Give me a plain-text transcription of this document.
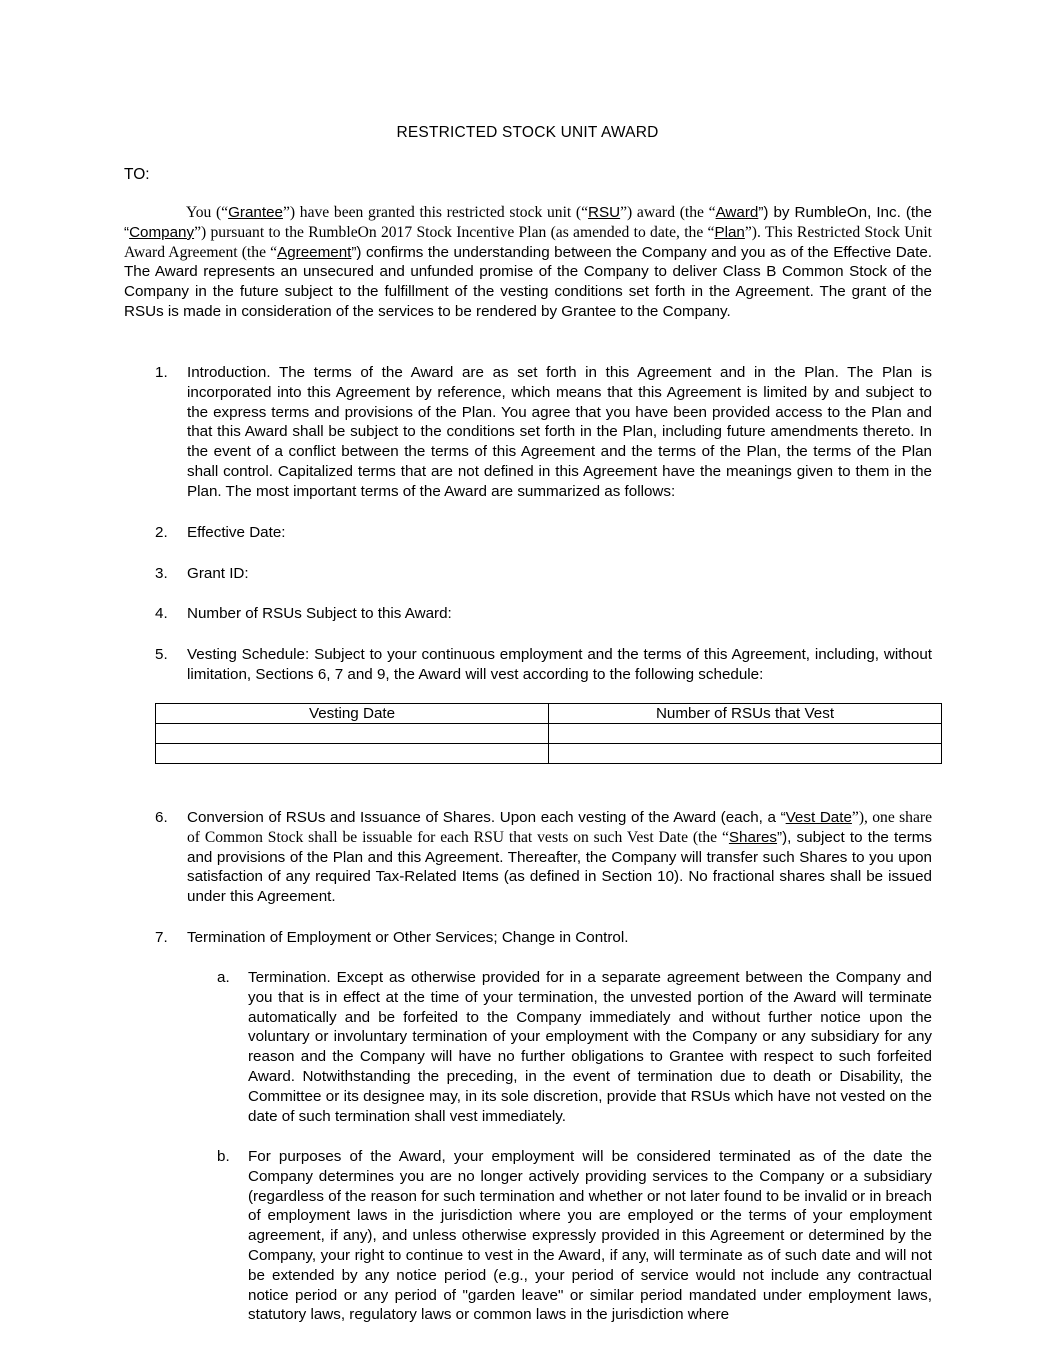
RESTRICTED STOCK UNIT AWARD
TO:

You (“Grantee”) have been granted this restricted stock unit (“RSU”) award (the “Award”) by RumbleOn, Inc. (the “Company”) pursuant to the RumbleOn 2017 Stock Incentive Plan (as amended to date, the “Plan”). This Restricted Stock Unit Award Agreement (the “Agreement”) confirms the understanding between the Company and you as of the Effective Date. The Award represents an unsecured and unfunded promise of the Company to deliver Class B Common Stock of the Company in the future subject to the fulfillment of the vesting conditions set forth in the Agreement. The grant of the RSUs is made in consideration of the services to be rendered by Grantee to the Company.

1. Introduction. The terms of the Award are as set forth in this Agreement and in the Plan. The Plan is incorporated into this Agreement by reference, which means that this Agreement is limited by and subject to the express terms and provisions of the Plan. You agree that you have been provided access to the Plan and that this Award shall be subject to the conditions set forth in the Plan, including future amendments thereto. In the event of a conflict between the terms of this Agreement and the terms of the Plan, the terms of the Plan shall control. Capitalized terms that are not defined in this Agreement have the meanings given to them in the Plan. The most important terms of the Award are summarized as follows:
2. Effective Date:
3. Grant ID:
4. Number of RSUs Subject to this Award:
5. Vesting Schedule: Subject to your continuous employment and the terms of this Agreement, including, without limitation, Sections 6, 7 and 9, the Award will vest according to the following schedule:
Vesting Date	Number of RSUs that Vest

6. Conversion of RSUs and Issuance of Shares. Upon each vesting of the Award (each, a “Vest Date”), one share of Common Stock shall be issuable for each RSU that vests on such Vest Date (the “Shares”), subject to the terms and provisions of the Plan and this Agreement. Thereafter, the Company will transfer such Shares to you upon satisfaction of any required Tax-Related Items (as defined in Section 10). No fractional shares shall be issued under this Agreement.
7. Termination of Employment or Other Services; Change in Control.
a. Termination. Except as otherwise provided for in a separate agreement between the Company and you that is in effect at the time of your termination, the unvested portion of the Award will terminate automatically and be forfeited to the Company immediately and without further notice upon the voluntary or involuntary termination of your employment with the Company or any subsidiary for any reason and the Company will have no further obligations to Grantee with respect to such forfeited Award. Notwithstanding the preceding, in the event of termination due to death or Disability, the Committee or its designee may, in its sole discretion, provide that RSUs which have not vested on the date of such termination shall vest immediately.
b. For purposes of the Award, your employment will be considered terminated as of the date the Company determines you are no longer actively providing services to the Company or a subsidiary (regardless of the reason for such termination and whether or not later found to be invalid or in breach of employment laws in the jurisdiction where you are employed or the terms of your employment agreement, if any), and unless otherwise expressly provided in this Agreement or determined by the Company, your right to continue to vest in the Award, if any, will terminate as of such date and will not be extended by any notice period (e.g., your period of service would not include any contractual notice period or any period of "garden leave" or similar period mandated under employment laws, statutory laws, regulatory laws or common laws in the jurisdiction where
